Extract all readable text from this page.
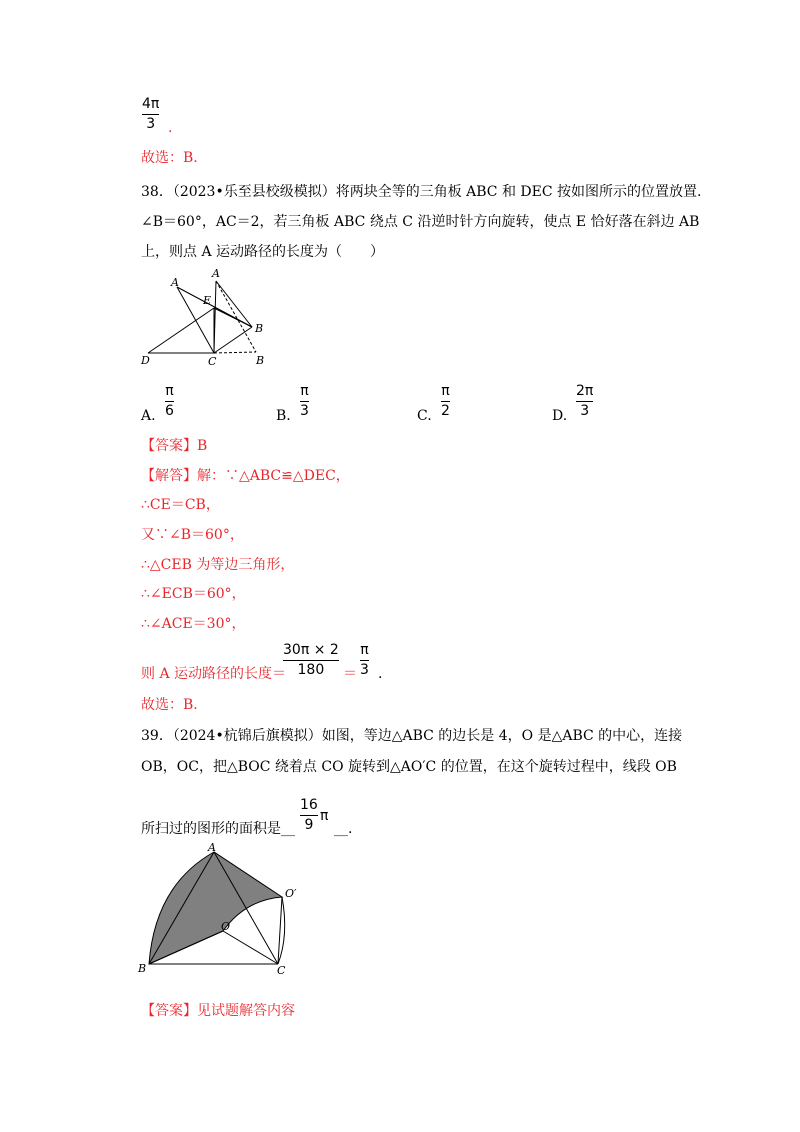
4π
3 .
故选：B.
38．（2023•乐至县校级模拟）将两块全等的三角板 ABC 和 DEC 按如图所示的位置放置.
∠B＝60°，AC＝2，若三角板 ABC 绕点 C 沿逆时针方向旋转，使点 E 恰好落在斜边 AB
上，则点 A 运动路径的长度为（　　）
A
A
E
B
B
D	C
A.
π
6	B.
π
3	C.
π
2	D.
2π
3
【答案】B
【解答】解：∵△ABC≌△DEC，
∴CE＝CB，
又∵∠B＝60°，
∴△CEB 为等边三角形，
∴∠ECB＝60°，
∴∠ACE＝30°，
则 A 运动路径的长度＝
30π × 2
180 ＝
π
3 .
故选：B.
39．（2024•杭锦后旗模拟）如图，等边△ABC 的边长是 4，O 是△ABC 的中心，连接
OB，OC，把△BOC 绕着点 CO 旋转到△AO′C 的位置，在这个旋转过程中，线段 OB
所扫过的图形的面积是__
16
9
π
__.
A
O′
O
B	C
【答案】见试题解答内容
